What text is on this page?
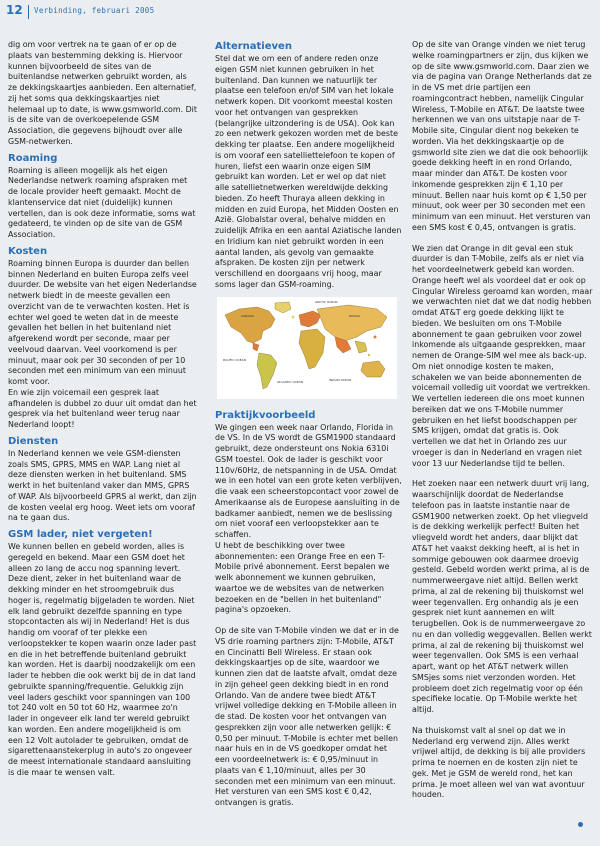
12 Verbinding, februari 2005

dig om voor vertrek na te gaan of er op de plaats van bestemming dekking is. Hiervoor kunnen bijvoorbeeld de sites van de buitenlandse netwerken gebruikt worden, als ze dekkingskaartjes aanbieden. Een alternatief, zij het soms qua dekkingskaartjes niet helemaal up to date, is www.gsmworld.com. Dit is de site van de overkoepelende GSM Association, die gegevens bijhoudt over alle GSM-netwerken.

Roaming

Roaming is alleen mogelijk als het eigen Nederlandse netwerk roaming afspraken met de locale provider heeft gemaakt. Mocht de klantenservice dat niet (duidelijk) kunnen vertellen, dan is ook deze informatie, soms wat gedateerd, te vinden op de site van de GSM Association.

Kosten

Roaming binnen Europa is duurder dan bellen binnen Nederland en buiten Europa zelfs veel duurder. De website van het eigen Nederlandse netwerk biedt in de meeste gevallen een overzicht van de te verwachten kosten. Het is echter wel goed te weten dat in de meeste gevallen het bellen in het buitenland niet afgerekend wordt per seconde, maar per veelvoud daarvan. Veel voorkomend is per minuut, maar ook per 30 seconden of per 10 seconden met een minimum van een minuut komt voor.

En wie zijn voicemail een gesprek laat afhandelen is dubbel zo duur uit omdat dan het gesprek via het buitenland weer terug naar Nederland loopt!

Diensten

In Nederland kennen we vele GSM-diensten zoals SMS, GPRS, MMS en WAP. Lang niet al deze diensten werken in het buitenland. SMS werkt in het buitenland vaker dan MMS, GPRS of WAP. Als bijvoorbeeld GPRS al werkt, dan zijn de kosten veelal erg hoog. Weet iets om vooraf na te gaan dus.

GSM lader, niet vergeten!

We kunnen bellen en gebeld worden, alles is geregeld en bekend. Maar een GSM doet het alleen zo lang de accu nog spanning levert. Deze dient, zeker in het buitenland waar de dekking minder en het stroomgebruik dus hoger is, regelmatig bijgeladen te worden. Niet elk land gebruikt dezelfde spanning en type stopcontacten als wij in Nederland! Het is dus handig om vooraf of ter plekke een verloopstekker te kopen waarin onze lader past en die in het betreffende buitenland gebruikt kan worden. Het is daarbij noodzakelijk om een lader te hebben die ook werkt bij de in dat land gebruikte spanning/frequentie. Gelukkig zijn veel laders geschikt voor spanningen van 100 tot 240 volt en 50 tot 60 Hz, waarmee zo'n lader in ongeveer elk land ter wereld gebruikt kan worden. Een andere mogelijkheid is om een 12 Volt autolader te gebruiken, omdat de sigarettenaanstekerplug in auto's zo ongeveer de meest internationale standaard aansluiting is die maar te wensen valt.

Alternatieven

Stel dat we om een of andere reden onze eigen GSM niet kunnen gebruiken in het buitenland. Dan kunnen we natuurlijk ter plaatse een telefoon en/of SIM van het lokale netwerk kopen. Dit voorkomt meestal kosten voor het ontvangen van gesprekken (belangrijke uitzondering is de USA). Ook kan zo een netwerk gekozen worden met de beste dekking ter plaatse. Een andere mogelijkheid is om vooraf een satelliettelefoon te kopen of huren, liefst een waarin onze eigen SIM gebruikt kan worden. Let er wel op dat niet alle satellietnetwerken wereldwijde dekking bieden. Zo heeft Thuraya alleen dekking in midden en zuid Europa, het Midden Oosten en Azië. Globalstar overal, behalve midden en zuidelijk Afrika en een aantal Aziatische landen en Iridium kan niet gebruikt worden in een aantal landen, als gevolg van gemaakte afspraken. De kosten zijn per netwerk verschillend en doorgaans vrij hoog, maar soms lager dan GSM-roaming.

ARCTIC OCEAN
PACIFIC OCEAN
ATLANTIC OCEAN	INDIAN OCEAN
RUSSIA
CANADA
Praktijkvoorbeeld

We gingen een week naar Orlando, Florida in de VS. In de VS wordt de GSM1900 standaard gebruikt, deze ondersteunt ons Nokia 6310i GSM toestel. Ook de lader is geschikt voor 110v/60Hz, de netspanning in de USA. Omdat we in een hotel van een grote keten verblijven, die vaak een scheerstopcontact voor zowel de Amerikaanse als de Europese aansluiting in de badkamer aanbiedt, nemen we de beslissing om niet vooraf een verloopstekker aan te schaffen.

U hebt de beschikking over twee abonnementen: een Orange Free en een T-Mobile privé abonnement. Eerst bepalen we welk abonnement we kunnen gebruiken, waartoe we de websites van de netwerken bezoeken en de "bellen in het buitenland" pagina's opzoeken.

Op de site van T-Mobile vinden we dat er in de VS drie roaming partners zijn: T-Mobile, AT&T en Cincinatti Bell Wireless. Er staan ook dekkingskaartjes op de site, waardoor we kunnen zien dat de laatste afvalt, omdat deze in zijn geheel geen dekking biedt in en rond Orlando. Van de andere twee biedt AT&T vrijwel volledige dekking en T-Mobile alleen in de stad. De kosten voor het ontvangen van gesprekken zijn voor alle netwerken gelijk: € 0,50 per minuut. T-Mobile is echter met bellen naar huis en in de VS goedkoper omdat het een voordeelnetwerk is: € 0,95/minuut in plaats van € 1,10/minuut, alles per 30 seconden met een minimum van een minuut. Het versturen van een SMS kost € 0,42, ontvangen is gratis.

Op de site van Orange vinden we niet terug welke roamingpartners er zijn, dus kijken we op de site www.gsmworld.com. Daar zien we via de pagina van Orange Netherlands dat ze in de VS met drie partijen een roamingcontract hebben, namelijk Cingular Wireless, T-Mobile en AT&T. De laatste twee herkennen we van ons uitstapje naar de T-Mobile site, Cingular dient nog bekeken te worden. Via het dekkingskaartje op de gsmworld site zien we dat die ook behoorlijk goede dekking heeft in en rond Orlando, maar minder dan AT&T. De kosten voor inkomende gesprekken zijn € 1,10 per minuut. Bellen naar huis komt op € 1,50 per minuut, ook weer per 30 seconden met een minimum van een minuut. Het versturen van een SMS kost € 0,45, ontvangen is gratis.

We zien dat Orange in dit geval een stuk duurder is dan T-Mobile, zelfs als er niet via het voordeelnetwerk gebeld kan worden. Orange heeft wel als voordeel dat er ook op Cingular Wireless geroamd kan worden, maar we verwachten niet dat we dat nodig hebben omdat AT&T erg goede dekking lijkt te bieden. We besluiten om ons T-Mobile abonnement te gaan gebruiken voor zowel inkomende als uitgaande gesprekken, maar nemen de Orange-SIM wel mee als back-up.

Om niet onnodige kosten te maken, schakelen we van beide abonnementen de voicemail volledig uit voordat we vertrekken. We vertellen iedereen die ons moet kunnen bereiken dat we ons T-Mobile nummer gebruiken en het liefst boodschappen per SMS krijgen, omdat dat gratis is. Ook vertellen we dat het in Orlando zes uur vroeger is dan in Nederland en vragen niet voor 13 uur Nederlandse tijd te bellen.

Het zoeken naar een netwerk duurt vrij lang, waarschijnlijk doordat de Nederlandse telefoon pas in laatste instantie naar de GSM1900 netwerken zoekt. Op het vliegveld is de dekking werkelijk perfect! Buiten het vliegveld wordt het anders, daar blijkt dat AT&T het vaakst dekking heeft, al is het in sommige gebouwen ook daarmee droevig gesteld. Gebeld worden werkt prima, al is de nummerweergave niet altijd. Bellen werkt prima, al zal de rekening bij thuiskomst wel weer tegenvallen. Erg onhandig als je een gesprek niet kunt aannemen en wilt terugbellen. Ook is de nummerweergave zo nu en dan volledig weggevallen. Bellen werkt prima, al zal de rekening bij thuiskomst wel weer tegenvallen. Ook SMS is een verhaal apart, want op het AT&T netwerk willen SMSjes soms niet verzonden worden. Het probleem doet zich regelmatig voor op één specifieke locatie. Op T-Mobile werkte het altijd.

Na thuiskomst valt al snel op dat we in Nederland erg verwend zijn. Alles werkt vrijwel altijd, de dekking is bij alle providers prima te noemen en de kosten zijn niet te gek. Met je GSM de wereld rond, het kan prima. Je moet alleen wel van wat avontuur houden.
